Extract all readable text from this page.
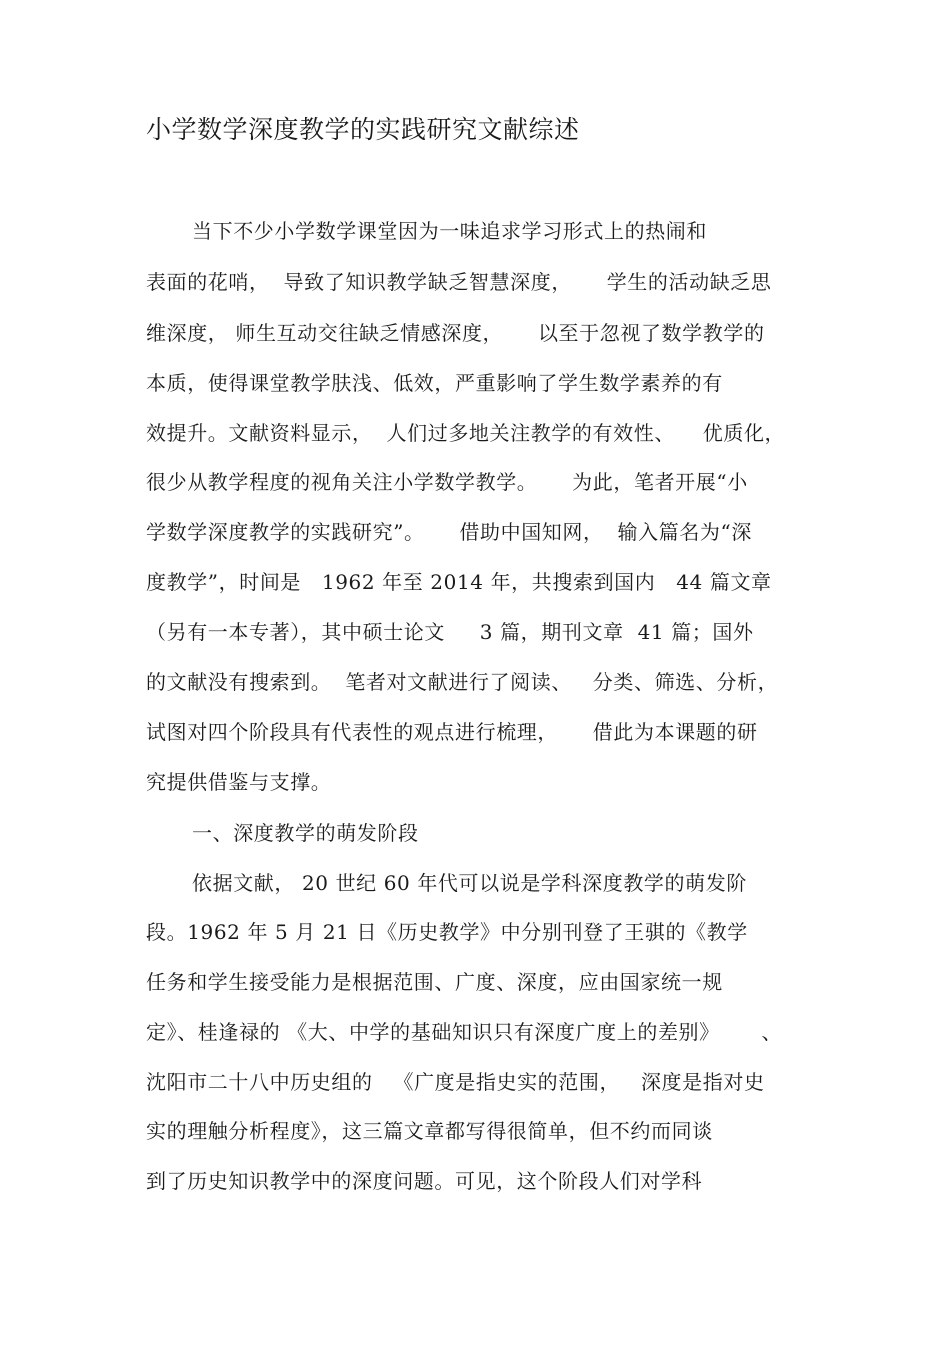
小学数学深度教学的实践研究文献综述
当下不少小学数学课堂因为一味追求学习形式上的热闹和
表面的花哨，  导致了知识教学缺乏智慧深度，     学生的活动缺乏思
维深度， 师生互动交往缺乏情感深度，     以至于忽视了数学教学的
本质，使得课堂教学肤浅、低效，严重影响了学生数学素养的有
效提升。文献资料显示，  人们过多地关注教学的有效性、    优质化，
很少从教学程度的视角关注小学数学教学。     为此，笔者开展“小
学数学深度教学的实践研究”。     借助中国知网，  输入篇名为“深
度教学”，时间是   1962 年至 2014 年，共搜索到国内   44 篇文章
（另有一本专著），其中硕士论文     3 篇，期刊文章  41 篇；国外
的文献没有搜索到。  笔者对文献进行了阅读、   分类、筛选、分析，
试图对四个阶段具有代表性的观点进行梳理，     借此为本课题的研
究提供借鉴与支撑。
一、深度教学的萌发阶段
依据文献， 20 世纪 60 年代可以说是学科深度教学的萌发阶
段。1962 年 5 月 21 日《历史教学》中分别刊登了王骐的《教学
任务和学生接受能力是根据范围、广度、深度，应由国家统一规
定》、桂逢禄的 《大、中学的基础知识只有深度广度上的差别》      、
沈阳市二十八中历史组的   《广度是指史实的范围，   深度是指对史
实的理触分析程度》，这三篇文章都写得很简单，但不约而同谈
到了历史知识教学中的深度问题。可见，这个阶段人们对学科
